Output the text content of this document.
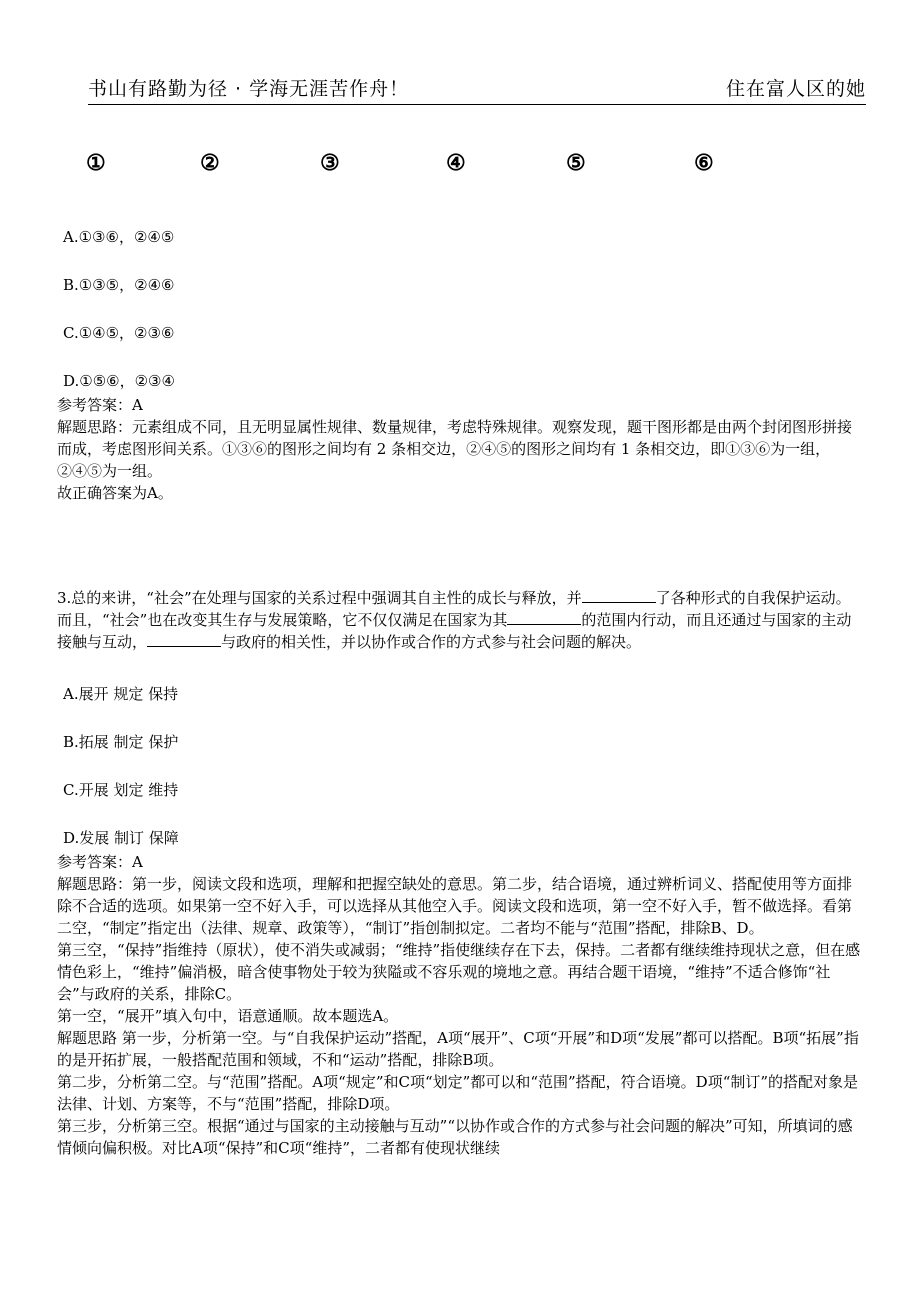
书山有路勤为径 · 学海无涯苦作舟！	住在富人区的她
①	②	③	④	⑤	⑥
A.①③⑥，②④⑤
B.①③⑤，②④⑥
C.①④⑤，②③⑥
D.①⑤⑥，②③④

参考答案：A

解题思路：元素组成不同，且无明显属性规律、数量规律，考虑特殊规律。观察发现，题干图形都是由两个封闭图形拼接而成，考虑图形间关系。①③⑥的图形之间均有 2 条相交边，②④⑤的图形之间均有 1 条相交边，即①③⑥为一组，②④⑤为一组。

故正确答案为A。

3.总的来讲，“社会”在处理与国家的关系过程中强调其自主性的成长与释放，并	了各种形式的自我保护运动。而且，“社会”也在改变其生存与发展策略，它不仅仅满足在国家为其	的范围内行动，而且还通过与国家的主动接触与互动，	与政府的相关性，并以协作或合作的方式参与社会问题的解决。

A.展开 规定 保持
B.拓展 制定 保护
C.开展 划定 维持
D.发展 制订 保障

参考答案：A

解题思路：第一步，阅读文段和选项，理解和把握空缺处的意思。第二步，结合语境，通过辨析词义、搭配使用等方面排除不合适的选项。如果第一空不好入手，可以选择从其他空入手。阅读文段和选项，第一空不好入手，暂不做选择。看第二空，“制定”指定出（法律、规章、政策等），“制订”指创制拟定。二者均不能与“范围”搭配，排除B、D。

第三空，“保持”指维持（原状），使不消失或减弱；“维持”指使继续存在下去，保持。二者都有继续维持现状之意，但在感情色彩上，“维持”偏消极，暗含使事物处于较为狭隘或不容乐观的境地之意。再结合题干语境，“维持”不适合修饰“社会”与政府的关系，排除C。

第一空，“展开”填入句中，语意通顺。故本题选A。

解题思路 第一步，分析第一空。与“自我保护运动”搭配，A项“展开”、C项“开展”和D项“发展”都可以搭配。B项“拓展”指的是开拓扩展，一般搭配范围和领域，不和“运动”搭配，排除B项。

第二步，分析第二空。与“范围”搭配。A项“规定”和C项“划定”都可以和“范围”搭配，符合语境。D项“制订”的搭配对象是法律、计划、方案等，不与“范围”搭配，排除D项。

第三步，分析第三空。根据“通过与国家的主动接触与互动”“以协作或合作的方式参与社会问题的解决”可知，所填词的感情倾向偏积极。对比A项“保持”和C项“维持”，二者都有使现状继续
